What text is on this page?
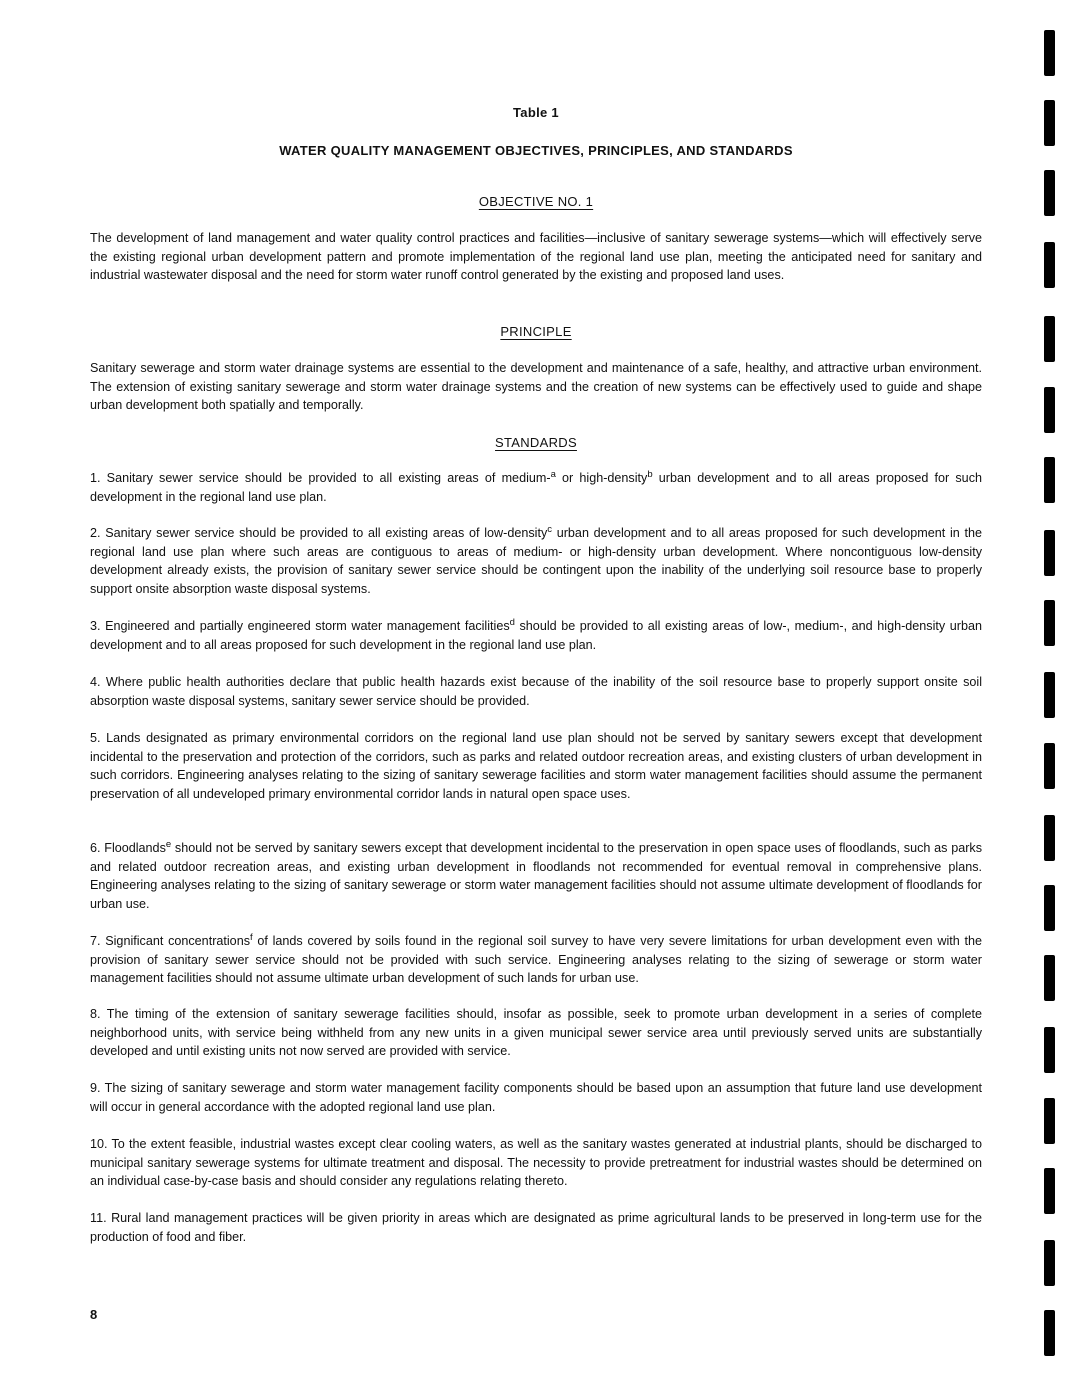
Table 1
WATER QUALITY MANAGEMENT OBJECTIVES, PRINCIPLES, AND STANDARDS
OBJECTIVE NO. 1

The development of land management and water quality control practices and facilities—inclusive of sanitary sewerage systems—which will effectively serve the existing regional urban development pattern and promote implementation of the regional land use plan, meeting the anticipated need for sanitary and industrial wastewater disposal and the need for storm water runoff control generated by the existing and proposed land uses.

PRINCIPLE

Sanitary sewerage and storm water drainage systems are essential to the development and maintenance of a safe, healthy, and attractive urban environment. The extension of existing sanitary sewerage and storm water drainage systems and the creation of new systems can be effectively used to guide and shape urban development both spatially and temporally.

STANDARDS

1. Sanitary sewer service should be provided to all existing areas of medium-$^a$ or high-density$^b$ urban development and to all areas proposed for such development in the regional land use plan.

2. Sanitary sewer service should be provided to all existing areas of low-density$^c$ urban development and to all areas proposed for such development in the regional land use plan where such areas are contiguous to areas of medium- or high-density urban development. Where noncontiguous low-density development already exists, the provision of sanitary sewer service should be contingent upon the inability of the underlying soil resource base to properly support onsite absorption waste disposal systems.

3. Engineered and partially engineered storm water management facilities$^d$ should be provided to all existing areas of low-, medium-, and high-density urban development and to all areas proposed for such development in the regional land use plan.

4. Where public health authorities declare that public health hazards exist because of the inability of the soil resource base to properly support onsite soil absorption waste disposal systems, sanitary sewer service should be provided.

5. Lands designated as primary environmental corridors on the regional land use plan should not be served by sanitary sewers except that development incidental to the preservation and protection of the corridors, such as parks and related outdoor recreation areas, and existing clusters of urban development in such corridors. Engineering analyses relating to the sizing of sanitary sewerage facilities and storm water management facilities should assume the permanent preservation of all undeveloped primary environmental corridor lands in natural open space uses.

6. Floodlands$^e$ should not be served by sanitary sewers except that development incidental to the preservation in open space uses of floodlands, such as parks and related outdoor recreation areas, and existing urban development in floodlands not recommended for eventual removal in comprehensive plans. Engineering analyses relating to the sizing of sanitary sewerage or storm water management facilities should not assume ultimate development of floodlands for urban use.

7. Significant concentrations$^f$ of lands covered by soils found in the regional soil survey to have very severe limitations for urban development even with the provision of sanitary sewer service should not be provided with such service. Engineering analyses relating to the sizing of sewerage or storm water management facilities should not assume ultimate urban development of such lands for urban use.

8. The timing of the extension of sanitary sewerage facilities should, insofar as possible, seek to promote urban development in a series of complete neighborhood units, with service being withheld from any new units in a given municipal sewer service area until previously served units are substantially developed and until existing units not now served are provided with service.

9. The sizing of sanitary sewerage and storm water management facility components should be based upon an assumption that future land use development will occur in general accordance with the adopted regional land use plan.

10. To the extent feasible, industrial wastes except clear cooling waters, as well as the sanitary wastes generated at industrial plants, should be discharged to municipal sanitary sewerage systems for ultimate treatment and disposal. The necessity to provide pretreatment for industrial wastes should be determined on an individual case-by-case basis and should consider any regulations relating thereto.

11. Rural land management practices will be given priority in areas which are designated as prime agricultural lands to be preserved in long-term use for the production of food and fiber.

8
